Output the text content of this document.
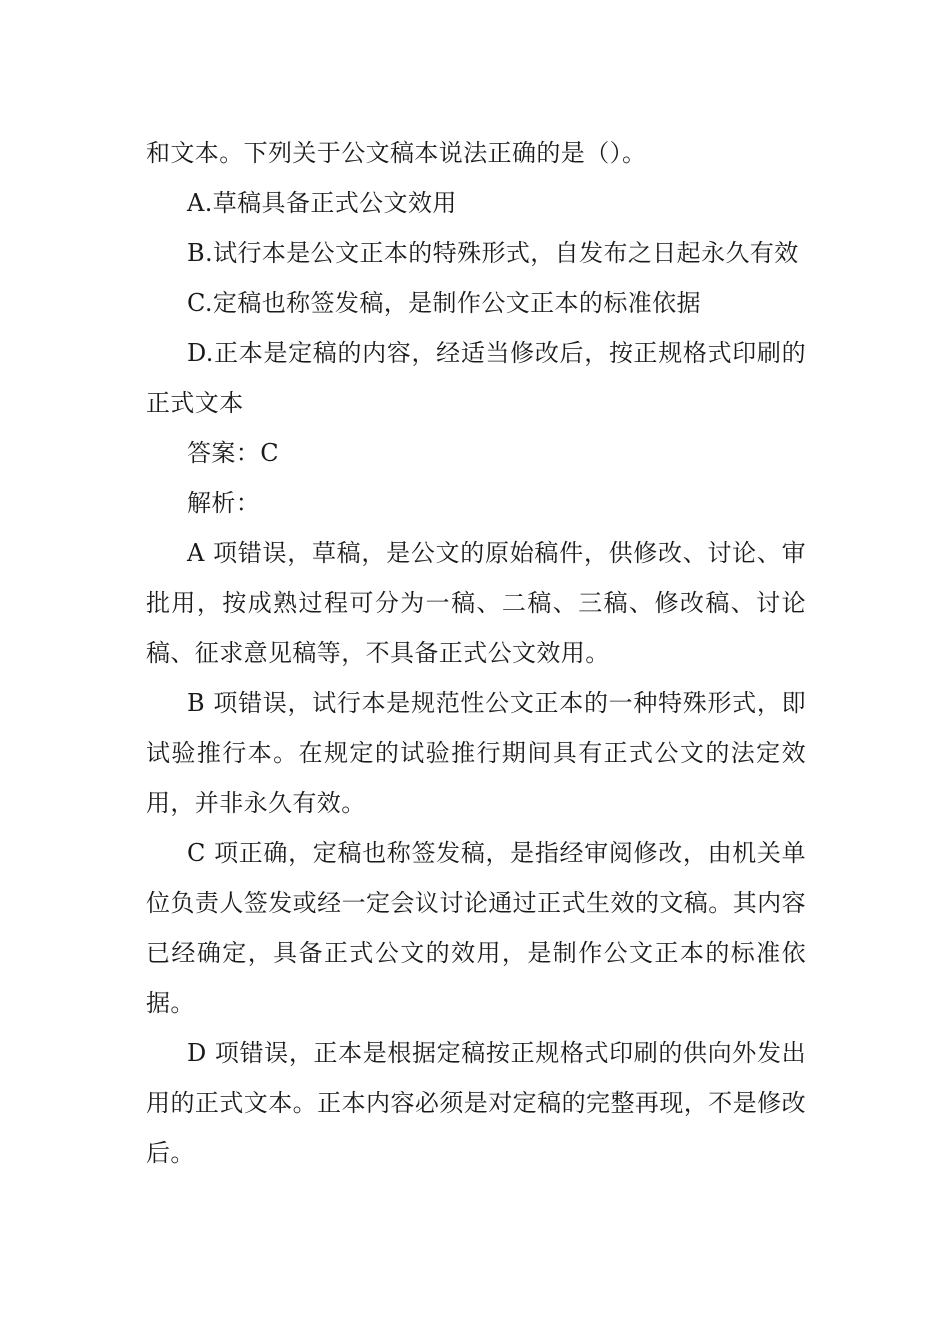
和文本。下列关于公文稿本说法正确的是（）。

A.草稿具备正式公文效用

B.试行本是公文正本的特殊形式，自发布之日起永久有效

C.定稿也称签发稿，是制作公文正本的标准依据

D.正本是定稿的内容，经适当修改后，按正规格式印刷的正式文本

答案：C

解析：

A 项错误，草稿，是公文的原始稿件，供修改、讨论、审批用，按成熟过程可分为一稿、二稿、三稿、修改稿、讨论稿、征求意见稿等，不具备正式公文效用。

B 项错误，试行本是规范性公文正本的一种特殊形式，即试验推行本。在规定的试验推行期间具有正式公文的法定效用，并非永久有效。

C 项正确，定稿也称签发稿，是指经审阅修改，由机关单位负责人签发或经一定会议讨论通过正式生效的文稿。其内容已经确定，具备正式公文的效用，是制作公文正本的标准依据。

D 项错误，正本是根据定稿按正规格式印刷的供向外发出用的正式文本。正本内容必须是对定稿的完整再现，不是修改后。
